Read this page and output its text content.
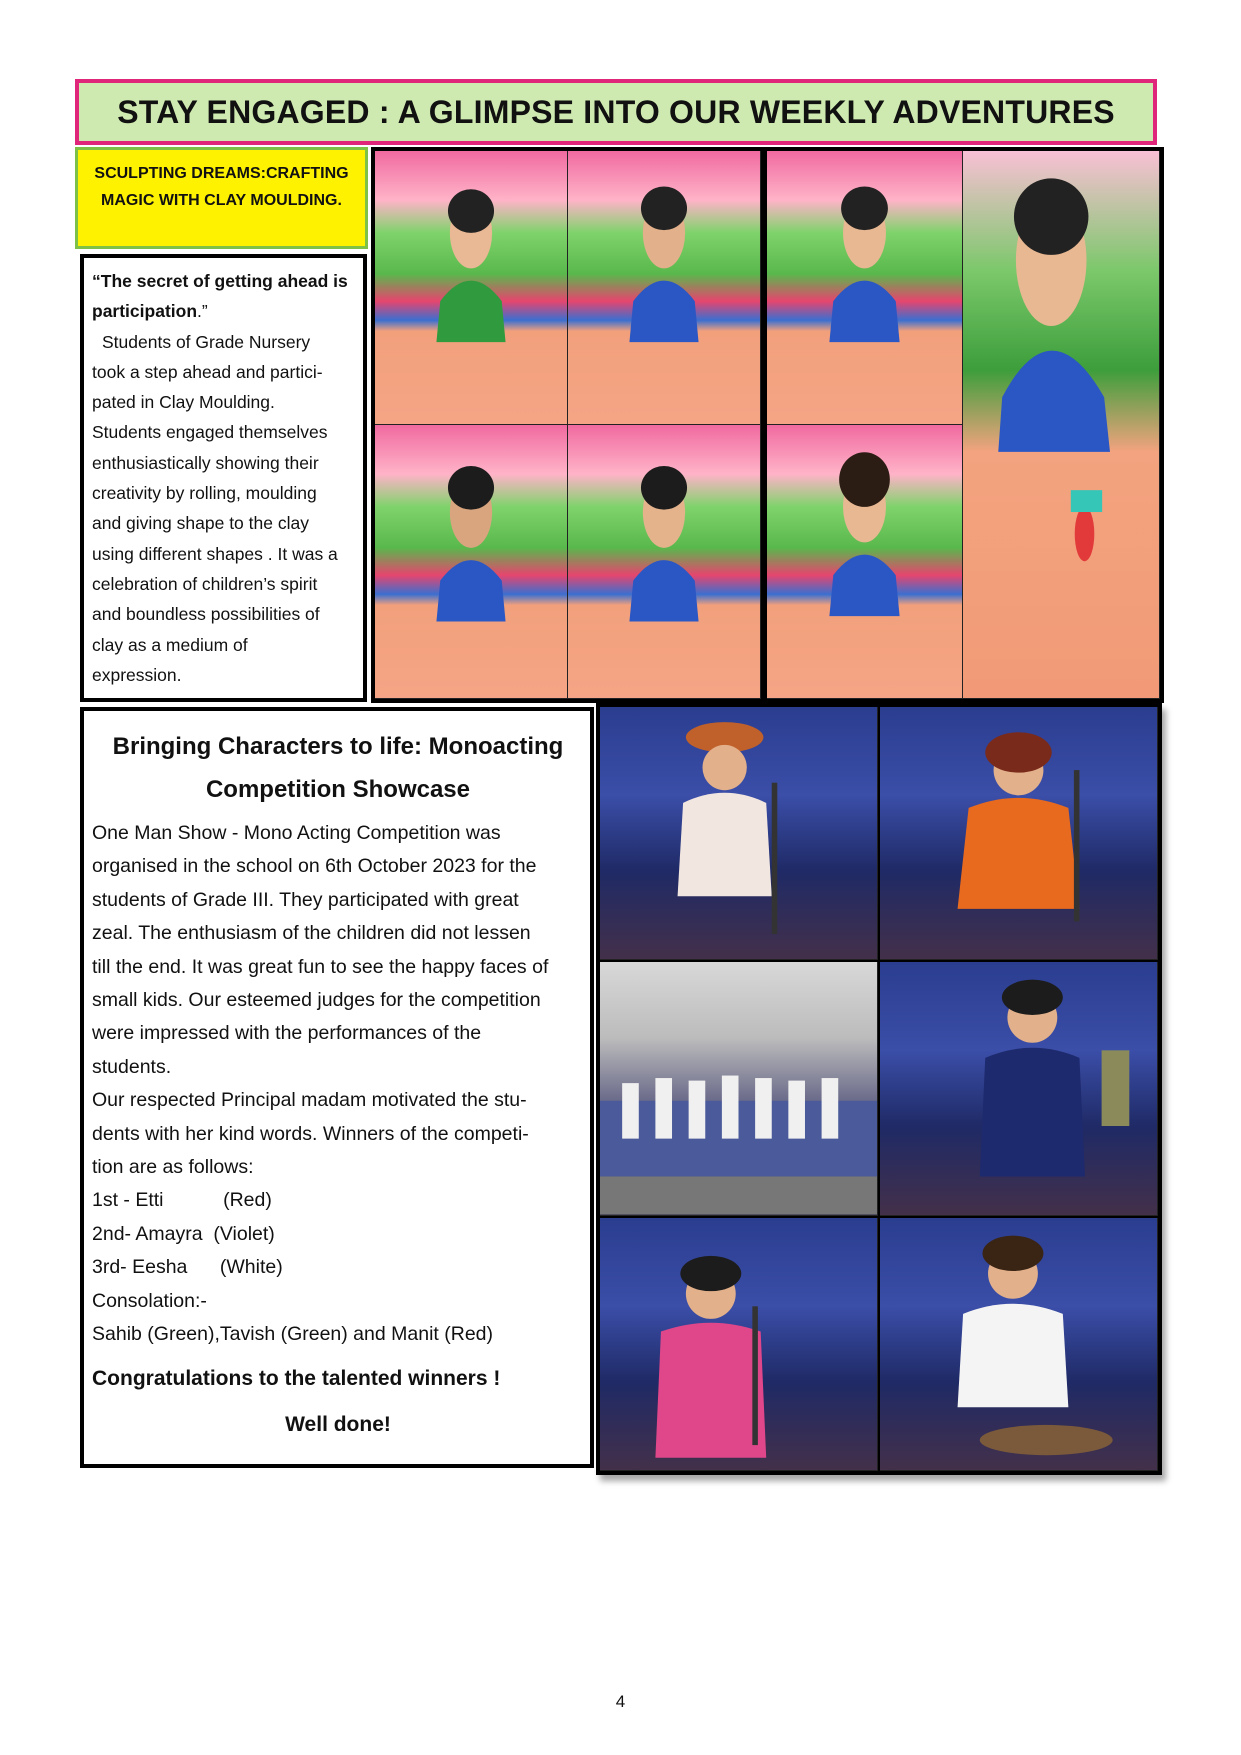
STAY ENGAGED : A GLIMPSE INTO OUR WEEKLY ADVENTURES

SCULPTING DREAMS:CRAFTING

MAGIC WITH CLAY MOULDING.

“The secret of getting ahead is participation.”
Students of Grade Nursery
took a step ahead and partici-
pated in Clay Moulding.
Students engaged themselves
enthusiastically showing their
creativity by rolling, moulding
and giving shape to the clay
using different shapes . It was a
celebration of children’s spirit
and boundless possibilities of
clay as a medium of
expression.
Bringing Characters to life: Monoacting
Competition Showcase
One Man Show - Mono Acting Competition was
organised in the school on 6th October 2023 for the
students of Grade III. They participated with great
zeal. The enthusiasm of the children did not lessen
till the end. It was great fun to see the happy faces of
small kids. Our esteemed judges for the competition
were impressed with the performances of the
students.
Our respected Principal madam motivated the stu-
dents with her kind words. Winners of the competi-
tion are as follows:
1st - Etti           (Red)
2nd- Amayra  (Violet)
3rd- Eesha      (White)
Consolation:-
Sahib (Green),Tavish (Green) and Manit (Red)
Congratulations to the talented winners !
Well done!
4
